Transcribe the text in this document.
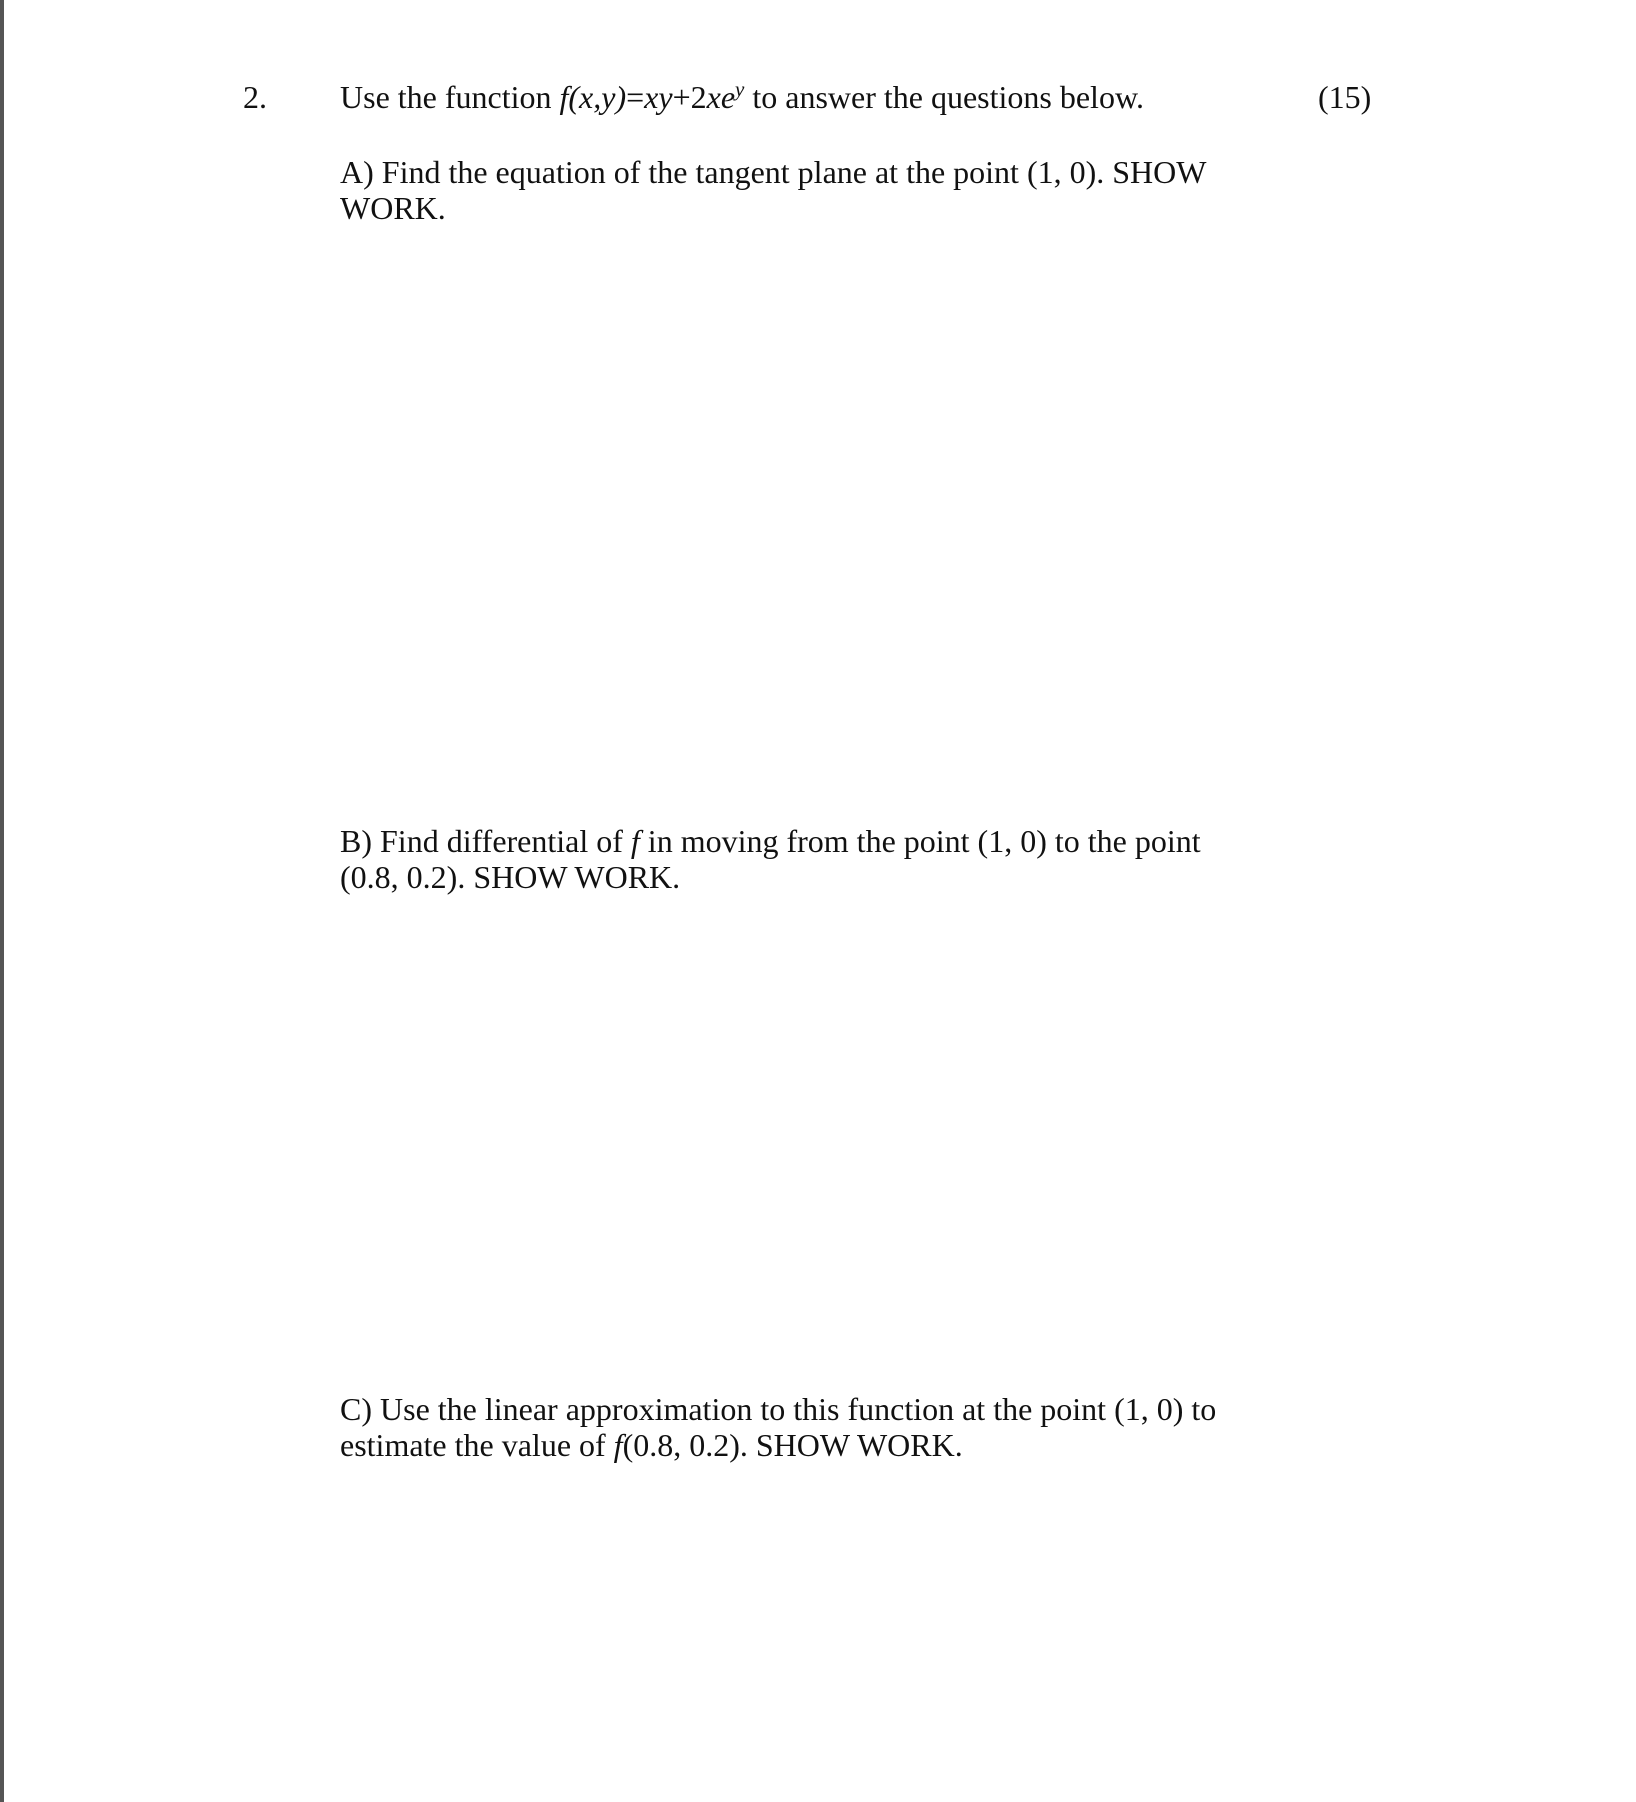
2. Use the function $f(x,y)=xy+2xe^y$ to answer the questions below.	(15)
A) Find the equation of the tangent plane at the point (1, 0). SHOW
WORK.
B) Find differential of f in moving from the point (1, 0) to the point
(0.8, 0.2). SHOW WORK.
C) Use the linear approximation to this function at the point (1, 0) to
estimate the value of f(0.8, 0.2). SHOW WORK.
